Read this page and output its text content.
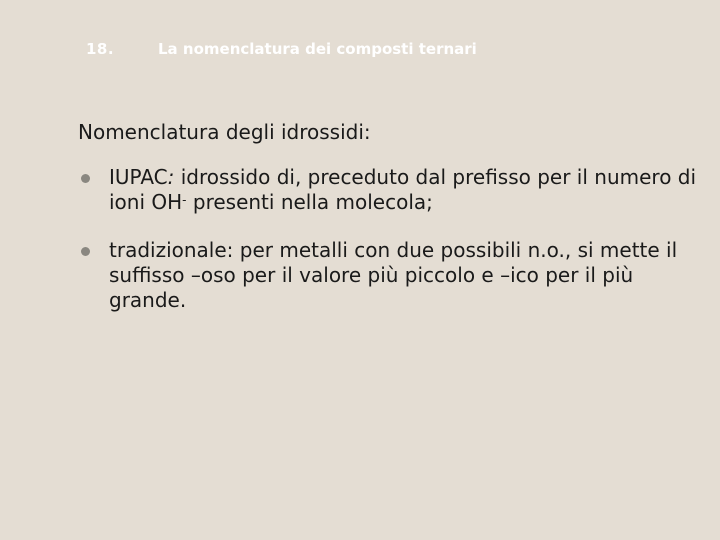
18.	La nomenclatura dei composti ternari

Nomenclatura degli idrossidi:

IUPAC: idrossido di, preceduto dal prefisso per il numero di ioni OH- presenti nella molecola;
tradizionale: per metalli con due possibili n.o., si mette il suffisso –oso per il valore più piccolo e –ico per il più grande.
